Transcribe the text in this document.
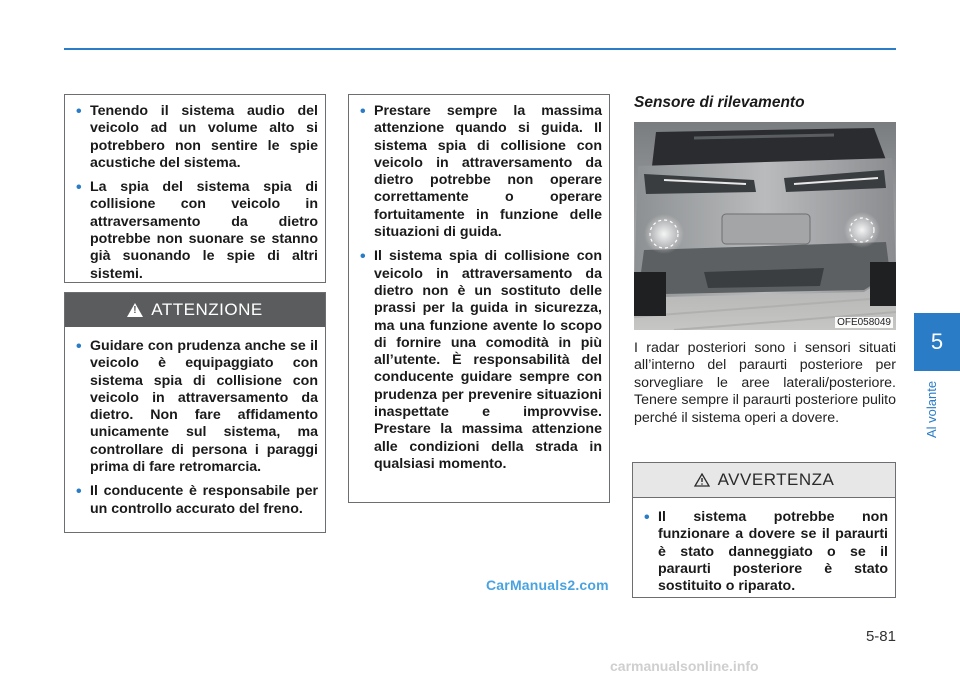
• Tenendo il sistema audio del veicolo ad un volume alto si potrebbero non sentire le spie acustiche del sistema.
• La spia del sistema spia di collisione con veicolo in attraversamento da dietro potrebbe non suonare se stanno già suonando le spie di altri sistemi.
!
ATTENZIONE
• Guidare con prudenza anche se il veicolo è equipaggiato con sistema spia di collisione con veicolo in attraversamento da dietro. Non fare affidamento unicamente sul sistema, ma controllare di persona i paraggi prima di fare retromarcia.
• Il conducente è responsabile per un controllo accurato del freno.
• Prestare sempre la massima attenzione quando si guida. Il sistema spia di collisione con veicolo in attraversamento da dietro potrebbe non operare correttamente o operare fortuitamente in funzione delle situazioni di guida.
• Il sistema spia di collisione con veicolo in attraversamento da dietro non è un sostituto delle prassi per la guida in sicurezza, ma una funzione avente lo scopo di fornire una comodità in più all’utente. È responsabilità del conducente guidare sempre con prudenza per prevenire situazioni inaspettate e improvvise. Prestare la massima attenzione alle condizioni della strada in qualsiasi momento.
Sensore di rilevamento
OFE058049
I radar posteriori sono i sensori situati all’interno del paraurti posteriore per sorvegliare le aree laterali/posteriore. Tenere sempre il paraurti posteriore pulito perché il sistema operi a dovere.
AVVERTENZA
• Il sistema potrebbe non funzionare a dovere se il paraurti è stato danneggiato o se il paraurti posteriore è stato sostituito o riparato.
5
Al volante
5-81
CarManuals2.com
carmanualsonline.info
